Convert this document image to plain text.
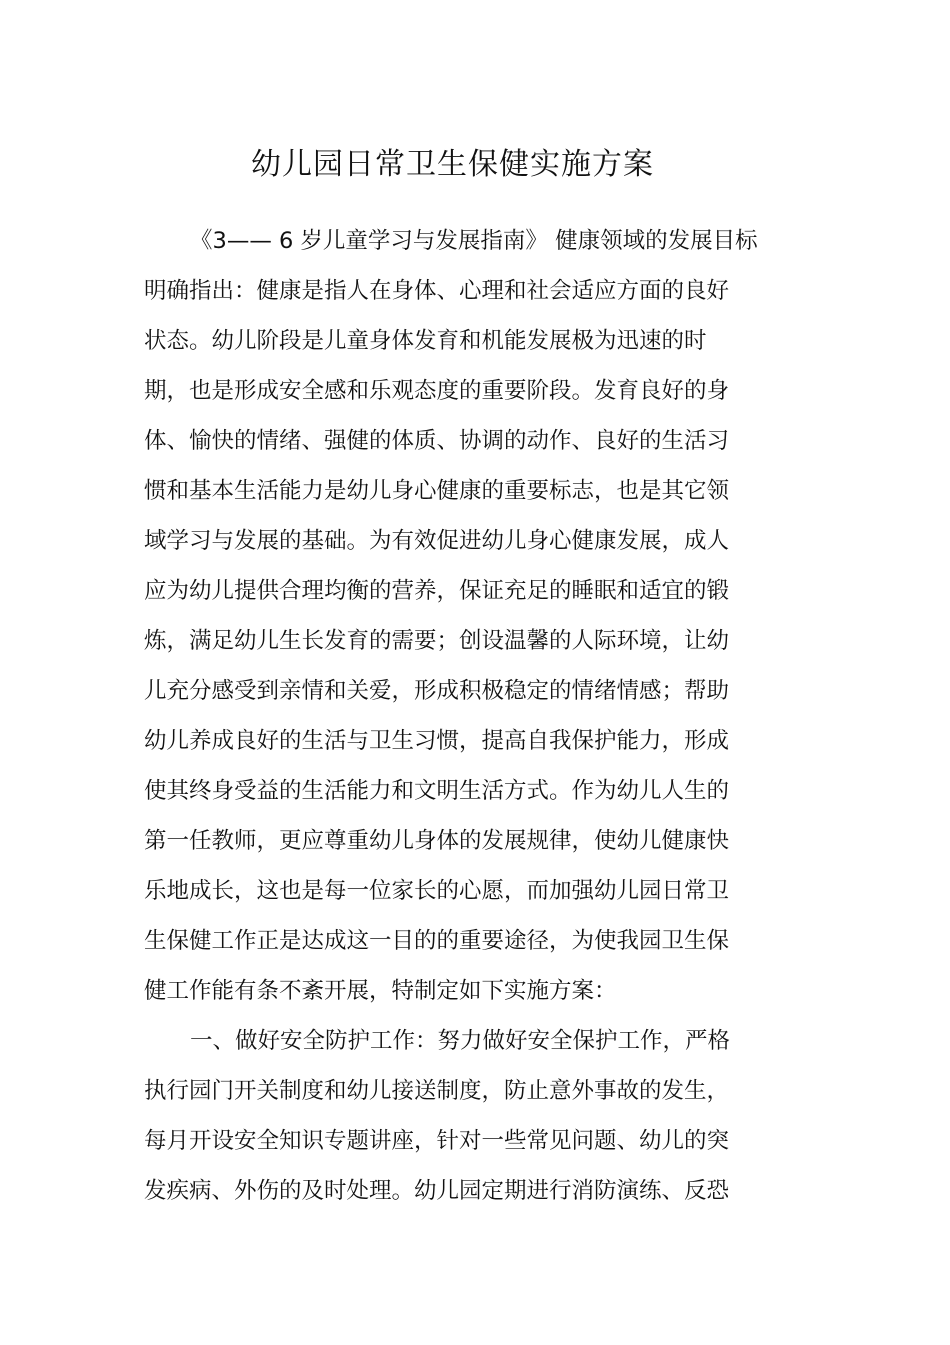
幼儿园日常卫生保健实施方案
《3—— 6 岁儿童学习与发展指南》 健康领域的发展目标
明确指出：健康是指人在身体、心理和社会适应方面的良好
状态。幼儿阶段是儿童身体发育和机能发展极为迅速的时
期，也是形成安全感和乐观态度的重要阶段。发育良好的身
体、愉快的情绪、强健的体质、协调的动作、良好的生活习
惯和基本生活能力是幼儿身心健康的重要标志，也是其它领
域学习与发展的基础。为有效促进幼儿身心健康发展，成人
应为幼儿提供合理均衡的营养，保证充足的睡眠和适宜的锻
炼，满足幼儿生长发育的需要；创设温馨的人际环境，让幼
儿充分感受到亲情和关爱，形成积极稳定的情绪情感；帮助
幼儿养成良好的生活与卫生习惯，提高自我保护能力，形成
使其终身受益的生活能力和文明生活方式。作为幼儿人生的
第一任教师，更应尊重幼儿身体的发展规律，使幼儿健康快
乐地成长，这也是每一位家长的心愿，而加强幼儿园日常卫
生保健工作正是达成这一目的的重要途径，为使我园卫生保
健工作能有条不紊开展，特制定如下实施方案：
一、做好安全防护工作：努力做好安全保护工作，严格
执行园门开关制度和幼儿接送制度，防止意外事故的发生，
每月开设安全知识专题讲座，针对一些常见问题、幼儿的突
发疾病、外伤的及时处理。幼儿园定期进行消防演练、反恐
